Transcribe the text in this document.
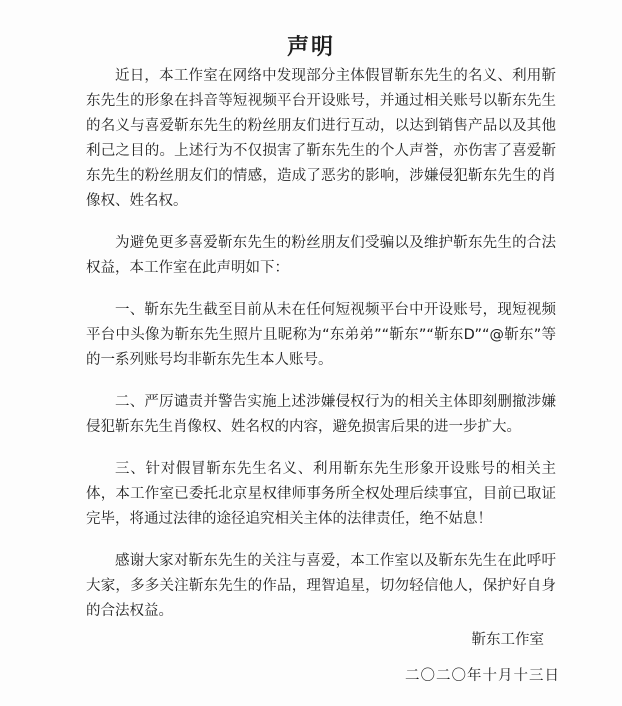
声明

近日，本工作室在网络中发现部分主体假冒靳东先生的名义、利用靳东先生的形象在抖音等短视频平台开设账号，并通过相关账号以靳东先生的名义与喜爱靳东先生的粉丝朋友们进行互动，以达到销售产品以及其他利己之目的。上述行为不仅损害了靳东先生的个人声誉，亦伤害了喜爱靳东先生的粉丝朋友们的情感，造成了恶劣的影响，涉嫌侵犯靳东先生的肖像权、姓名权。

为避免更多喜爱靳东先生的粉丝朋友们受骗以及维护靳东先生的合法权益，本工作室在此声明如下：

一、靳东先生截至目前从未在任何短视频平台中开设账号，现短视频平台中头像为靳东先生照片且昵称为“东弟弟”“靳东”“靳东D”“@靳东”等的一系列账号均非靳东先生本人账号。

二、严厉谴责并警告实施上述涉嫌侵权行为的相关主体即刻删撤涉嫌侵犯靳东先生肖像权、姓名权的内容，避免损害后果的进一步扩大。

三、针对假冒靳东先生名义、利用靳东先生形象开设账号的相关主体，本工作室已委托北京星权律师事务所全权处理后续事宜，目前已取证完毕，将通过法律的途径追究相关主体的法律责任，绝不姑息！

感谢大家对靳东先生的关注与喜爱，本工作室以及靳东先生在此呼吁大家，多多关注靳东先生的作品，理智追星，切勿轻信他人，保护好自身的合法权益。

靳东工作室
二〇二〇年十月十三日
